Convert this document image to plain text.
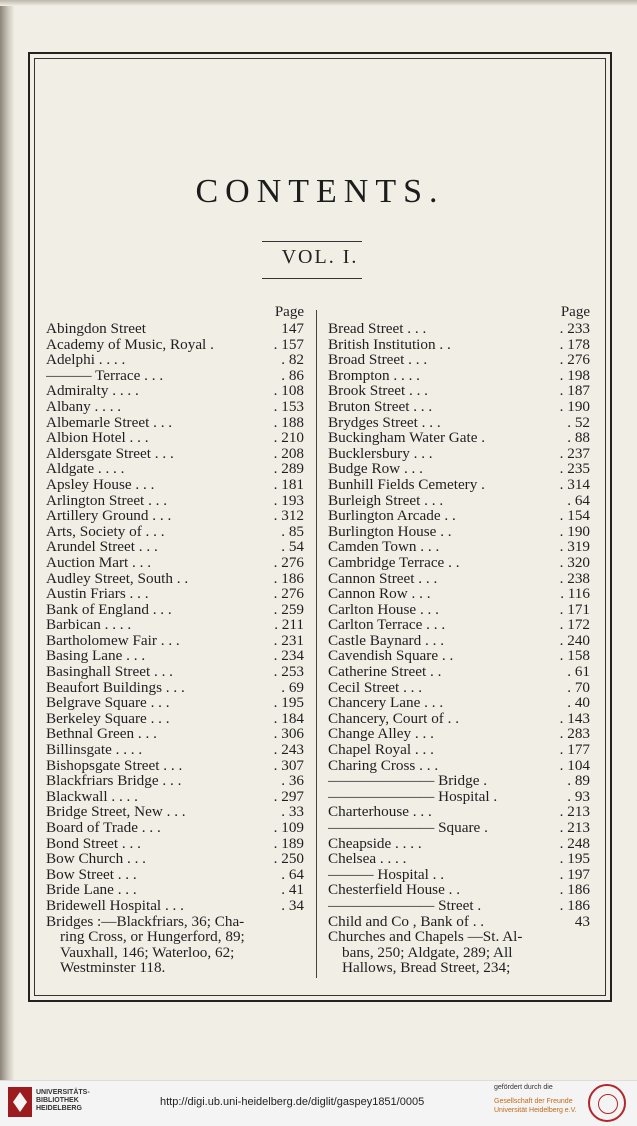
CONTENTS.
VOL. I.
Page
Abingdon Street	147
Academy of Music, Royal .	. 157
Adelphi . . . .	. 82
——— Terrace . . .	. 86
Admiralty . . . .	. 108
Albany . . . .	. 153
Albemarle Street . . .	. 188
Albion Hotel . . .	. 210
Aldersgate Street . . .	. 208
Aldgate . . . .	. 289
Apsley House . . .	. 181
Arlington Street . . .	. 193
Artillery Ground . . .	. 312
Arts, Society of . . .	. 85
Arundel Street . . .	. 54
Auction Mart . . .	. 276
Audley Street, South . .	. 186
Austin Friars . . .	. 276
Bank of England . . .	. 259
Barbican . . . .	. 211
Bartholomew Fair . . .	. 231
Basing Lane . . .	. 234
Basinghall Street . . .	. 253
Beaufort Buildings . . .	. 69
Belgrave Square . . .	. 195
Berkeley Square . . .	. 184
Bethnal Green . . .	. 306
Billinsgate . . . .	. 243
Bishopsgate Street . . .	. 307
Blackfriars Bridge . . .	. 36
Blackwall . . . .	. 297
Bridge Street, New . . .	. 33
Board of Trade . . .	. 109
Bond Street . . .	. 189
Bow Church . . .	. 250
Bow Street . . .	. 64
Bride Lane . . .	. 41
Bridewell Hospital . . .	. 34
Bridges :—Blackfriars, 36; Cha-
ring Cross, or Hungerford, 89;
Vauxhall, 146; Waterloo, 62;
Westminster 118.
Page
Bread Street . . .	. 233
British Institution . .	. 178
Broad Street . . .	. 276
Brompton . . . .	. 198
Brook Street . . .	. 187
Bruton Street . . .	. 190
Brydges Street . . .	. 52
Buckingham Water Gate .	. 88
Bucklersbury . . .	. 237
Budge Row . . .	. 235
Bunhill Fields Cemetery .	. 314
Burleigh Street . . .	. 64
Burlington Arcade . .	. 154
Burlington House . .	. 190
Camden Town . . .	. 319
Cambridge Terrace . .	. 320
Cannon Street . . .	. 238
Cannon Row . . .	. 116
Carlton House . . .	. 171
Carlton Terrace . . .	. 172
Castle Baynard . . .	. 240
Cavendish Square . .	. 158
Catherine Street . .	. 61
Cecil Street . . .	. 70
Chancery Lane . . .	. 40
Chancery, Court of . .	. 143
Change Alley . . .	. 283
Chapel Royal . . .	. 177
Charing Cross . . .	. 104
——————— Bridge .	. 89
——————— Hospital .	. 93
Charterhouse . . .	. 213
——————— Square .	. 213
Cheapside . . . .	. 248
Chelsea . . . .	. 195
——— Hospital . .	. 197
Chesterfield House . .	. 186
——————— Street .	. 186
Child and Co , Bank of . .	43
Churches and Chapels —St. Al-
bans, 250; Aldgate, 289; All
Hallows, Bread Street, 234;
UNIVERSITÄTS-BIBLIOTHEK HEIDELBERG
http://digi.ub.uni-heidelberg.de/diglit/gaspey1851/0005
gefördert durch die
Gesellschaft der Freunde Universität Heidelberg e.V.
